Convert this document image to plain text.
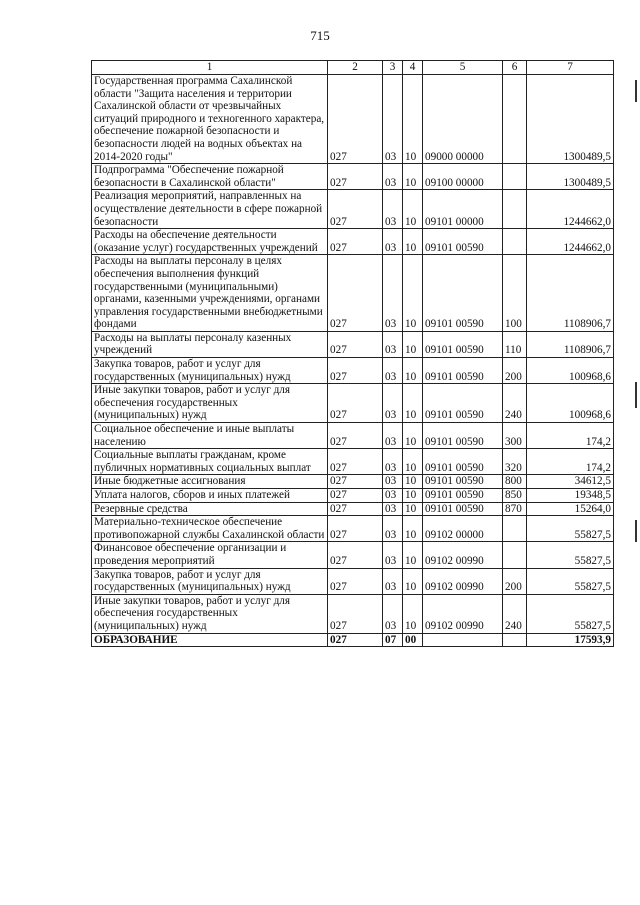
715
1	2	3	4	5	6	7
Государственная программа Сахалинской области "Защита населения и территории Сахалинской области от чрезвычайных ситуаций природного и техногенного характера, обеспечение пожарной безопасности и безопасности людей на водных объектах на 2014-2020 годы"	027	03	10	09000 00000		1300489,5
Подпрограмма "Обеспечение пожарной безопасности в Сахалинской области"	027	03	10	09100 00000		1300489,5
Реализация мероприятий, направленных на осуществление деятельности в сфере пожарной безопасности	027	03	10	09101 00000		1244662,0
Расходы на обеспечение деятельности (оказание услуг) государственных учреждений	027	03	10	09101 00590		1244662,0
Расходы на выплаты персоналу в целях обеспечения выполнения функций государственными (муниципальными) органами, казенными учреждениями, органами управления государственными внебюджетными фондами	027	03	10	09101 00590	100	1108906,7
Расходы на выплаты персоналу казенных учреждений	027	03	10	09101 00590	110	1108906,7
Закупка товаров, работ и услуг для государственных (муниципальных) нужд	027	03	10	09101 00590	200	100968,6
Иные закупки товаров, работ и услуг для обеспечения государственных (муниципальных) нужд	027	03	10	09101 00590	240	100968,6
Социальное обеспечение и иные выплаты населению	027	03	10	09101 00590	300	174,2
Социальные выплаты гражданам, кроме публичных нормативных социальных выплат	027	03	10	09101 00590	320	174,2
Иные бюджетные ассигнования	027	03	10	09101 00590	800	34612,5
Уплата налогов, сборов и иных платежей	027	03	10	09101 00590	850	19348,5
Резервные средства	027	03	10	09101 00590	870	15264,0
Материально-техническое обеспечение противопожарной службы Сахалинской области	027	03	10	09102 00000		55827,5
Финансовое обеспечение организации и проведения мероприятий	027	03	10	09102 00990		55827,5
Закупка товаров, работ и услуг для государственных (муниципальных) нужд	027	03	10	09102 00990	200	55827,5
Иные закупки товаров, работ и услуг для обеспечения государственных (муниципальных) нужд	027	03	10	09102 00990	240	55827,5
ОБРАЗОВАНИЕ	027	07	00			17593,9
